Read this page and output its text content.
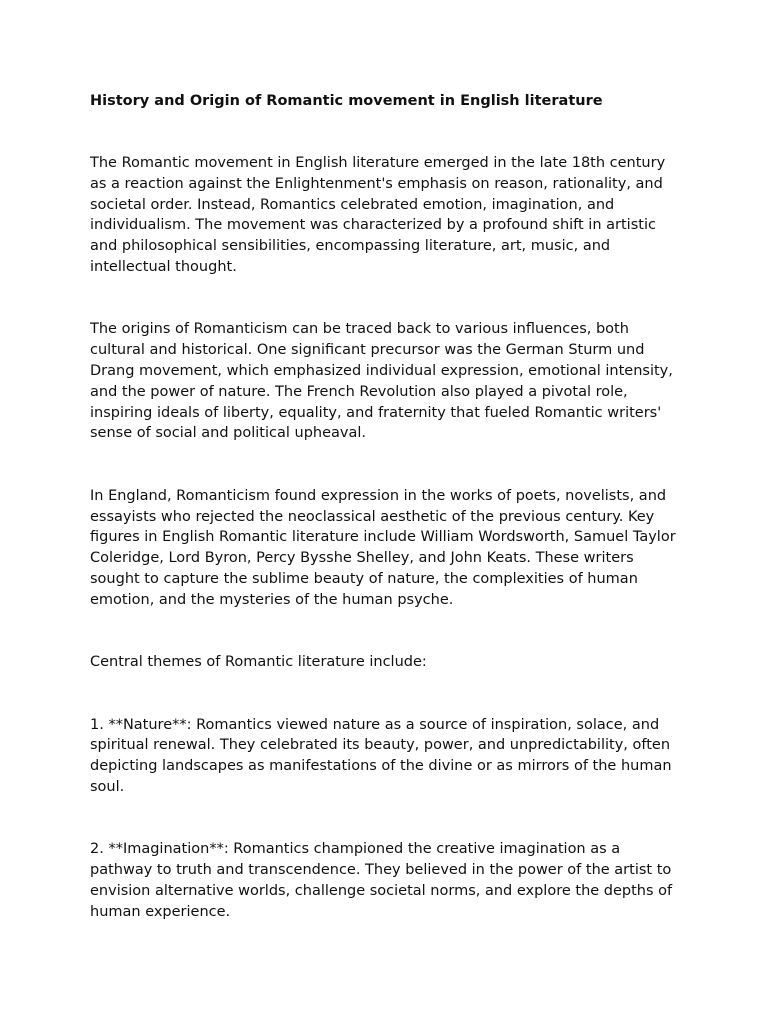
History and Origin of Romantic movement in English literature

The Romantic movement in English literature emerged in the late 18th century as a reaction against the Enlightenment's emphasis on reason, rationality, and societal order. Instead, Romantics celebrated emotion, imagination, and individualism. The movement was characterized by a profound shift in artistic and philosophical sensibilities, encompassing literature, art, music, and intellectual thought.

The origins of Romanticism can be traced back to various influences, both cultural and historical. One significant precursor was the German Sturm und Drang movement, which emphasized individual expression, emotional intensity, and the power of nature. The French Revolution also played a pivotal role, inspiring ideals of liberty, equality, and fraternity that fueled Romantic writers' sense of social and political upheaval.

In England, Romanticism found expression in the works of poets, novelists, and essayists who rejected the neoclassical aesthetic of the previous century. Key figures in English Romantic literature include William Wordsworth, Samuel Taylor Coleridge, Lord Byron, Percy Bysshe Shelley, and John Keats. These writers sought to capture the sublime beauty of nature, the complexities of human emotion, and the mysteries of the human psyche.

Central themes of Romantic literature include:

1. **Nature**: Romantics viewed nature as a source of inspiration, solace, and spiritual renewal. They celebrated its beauty, power, and unpredictability, often depicting landscapes as manifestations of the divine or as mirrors of the human soul.

2. **Imagination**: Romantics championed the creative imagination as a pathway to truth and transcendence. They believed in the power of the artist to envision alternative worlds, challenge societal norms, and explore the depths of human experience.
